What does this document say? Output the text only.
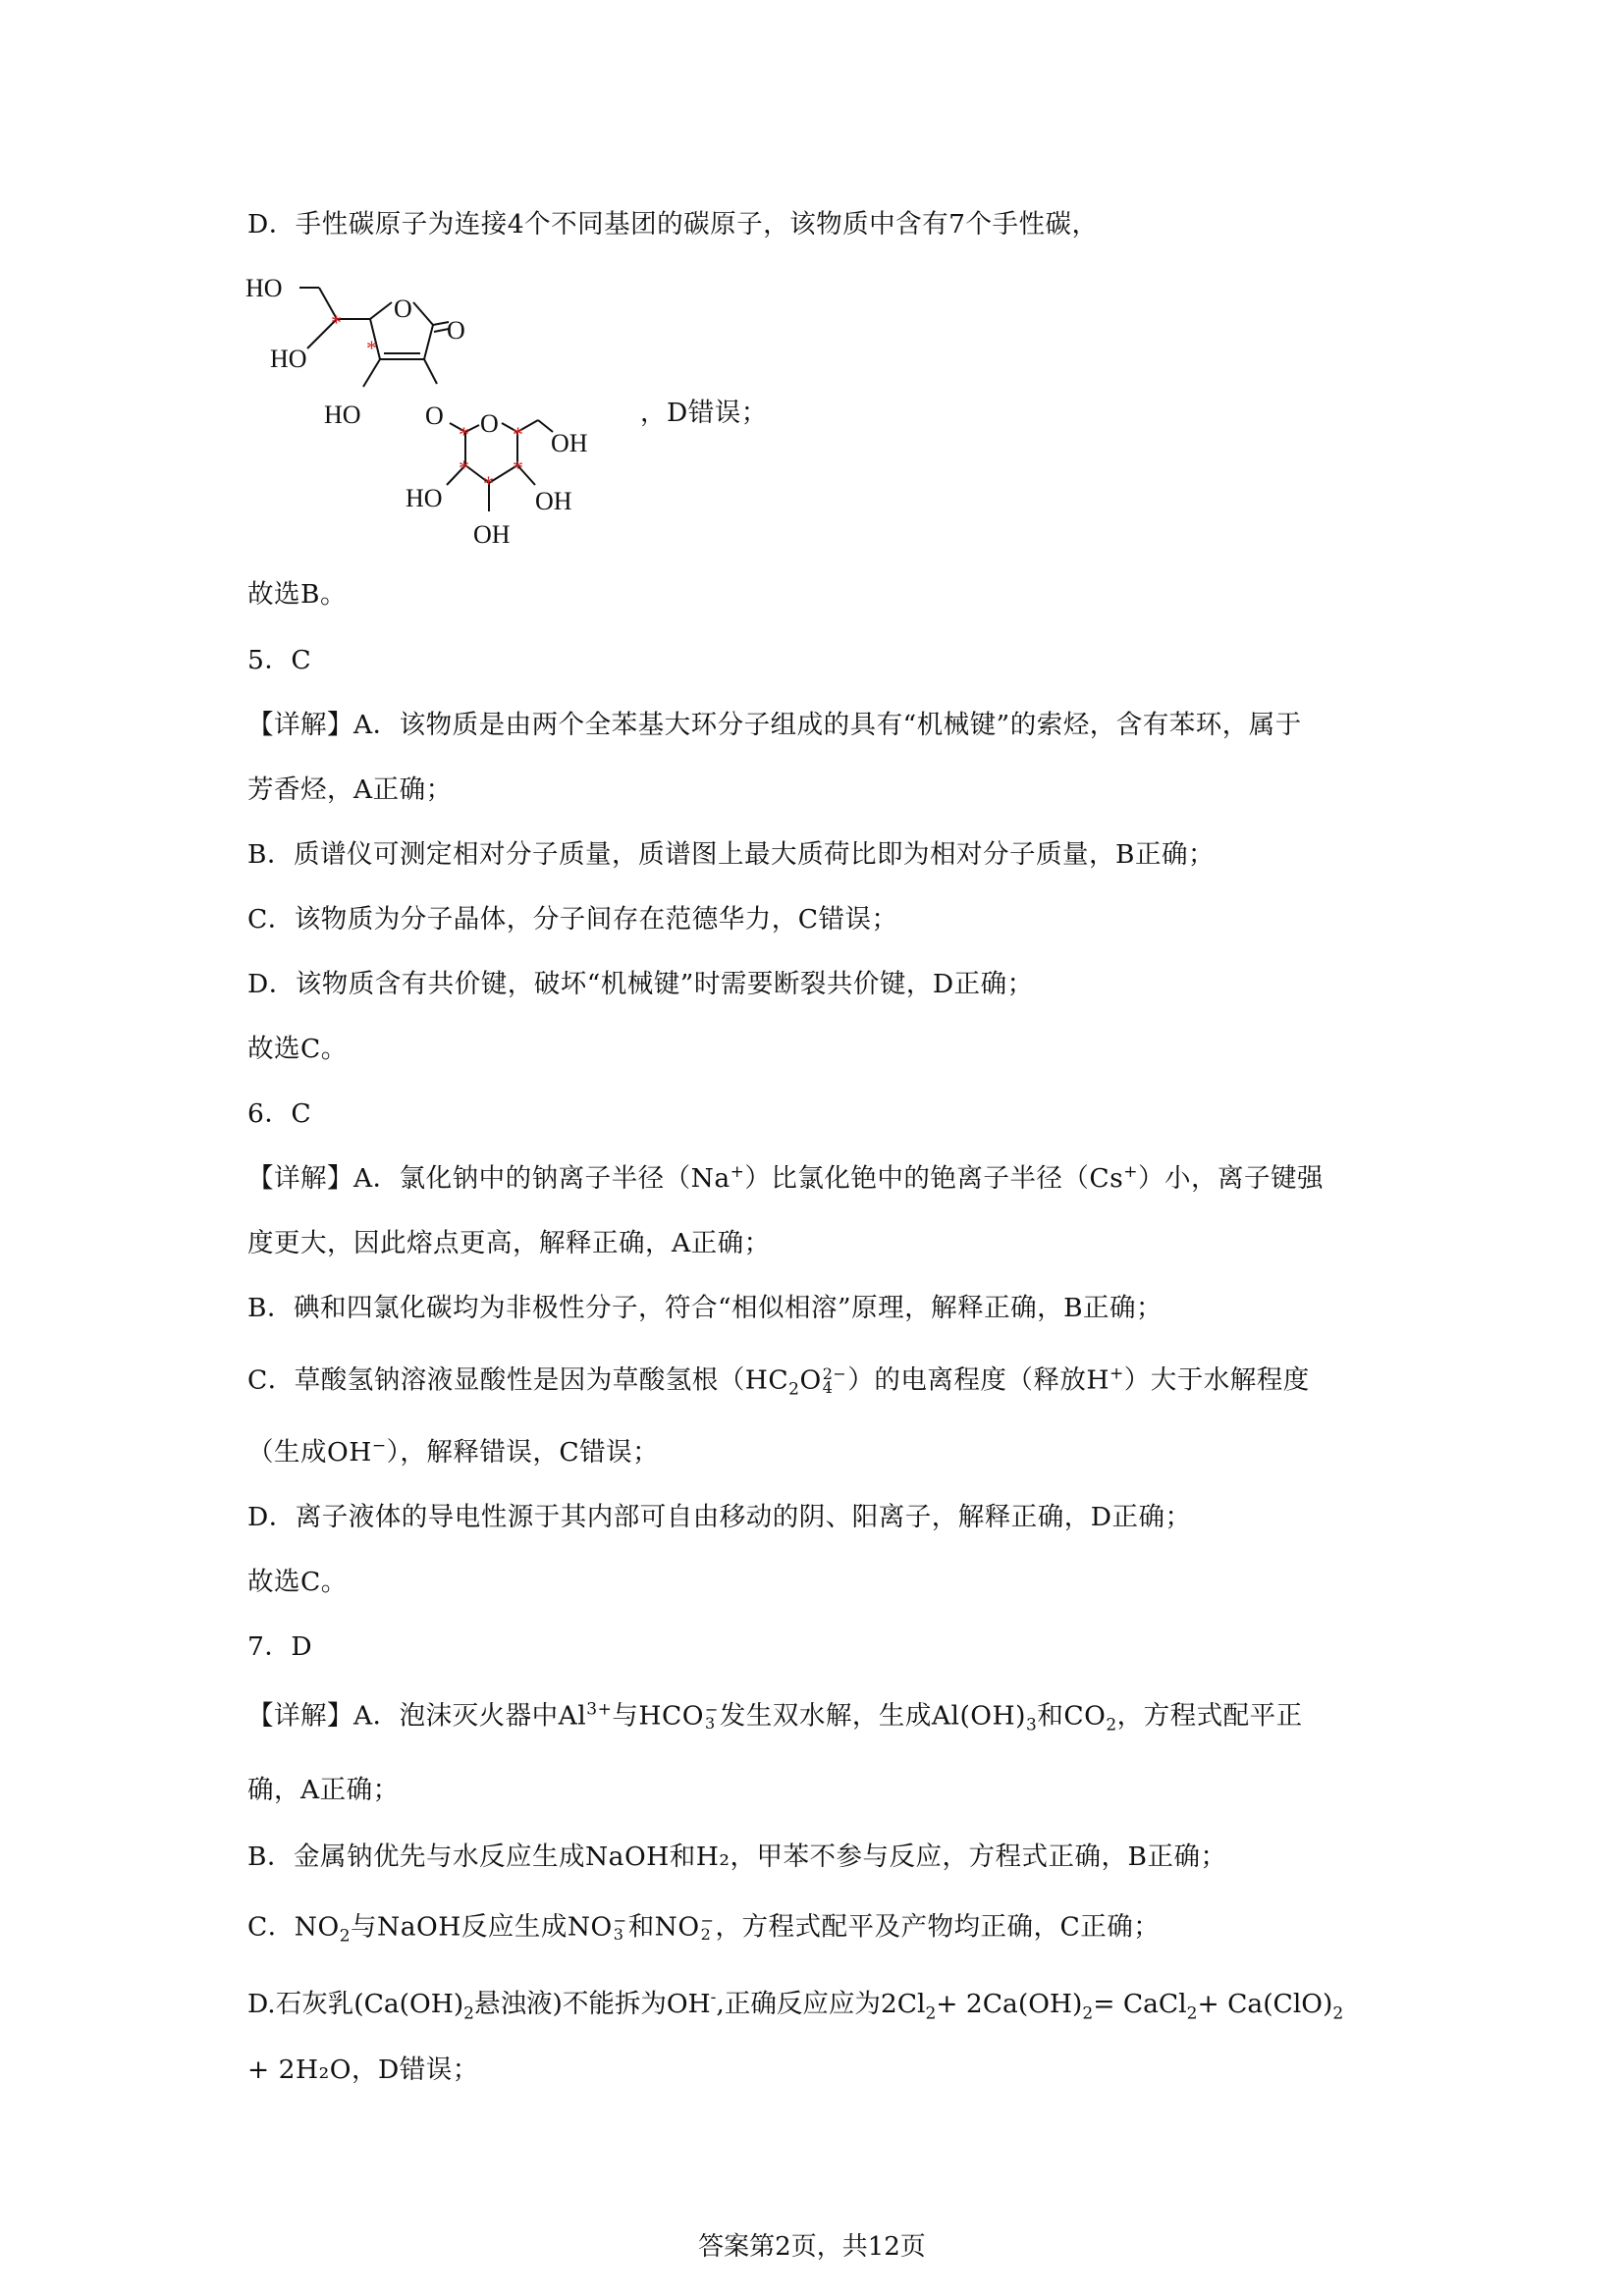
D．手性碳原子为连接4个不同基团的碳原子，该物质中含有7个手性碳，
HO
HO
O
O
HO	O O
OH
HO	OH
OH
*
*
* *
* *
*
，D错误；
故选B。
5．C
【详解】A．该物质是由两个全苯基大环分子组成的具有“机械键”的索烃，含有苯环，属于
芳香烃，A正确；
B．质谱仪可测定相对分子质量，质谱图上最大质荷比即为相对分子质量，B正确；
C．该物质为分子晶体，分子间存在范德华力，C错误；
D．该物质含有共价键，破坏“机械键”时需要断裂共价键，D正确；
故选C。
6．C
【详解】A．氯化钠中的钠离子半径（Na+）比氯化铯中的铯离子半径（Cs+）小，离子键强
度更大，因此熔点更高，解释正确，A正确；
B．碘和四氯化碳均为非极性分子，符合“相似相溶”原理，解释正确，B正确；
C．草酸氢钠溶液显酸性是因为草酸氢根（$HC_2O$ 2−
4 ）的电离程度（释放H+）大于水解程度
（生成OH−），解释错误，C错误；
D．离子液体的导电性源于其内部可自由移动的阴、阳离子，解释正确，D正确；
故选C。
7．D
【详解】A．泡沫灭火器中$Al^{3+}$与HCO −
3 发生双水解，生成$Al(OH)_3$和$CO_2$，方程式配平正
确，A正确；
B．金属钠优先与水反应生成NaOH和H₂，甲苯不参与反应，方程式正确，B正确；
C．$NO_2$与NaOH反应生成NO −
3 和NO −
2 ，方程式配平及产物均正确，C正确；
D.石灰乳($Ca(OH)_2$悬浊液)不能拆为OH-,正确反应应为$2Cl_2+ 2Ca(OH)_2=$ CaCl$_2$+ $Ca(ClO)_2$
+ 2H₂O，D错误；
答案第2页，共12页
